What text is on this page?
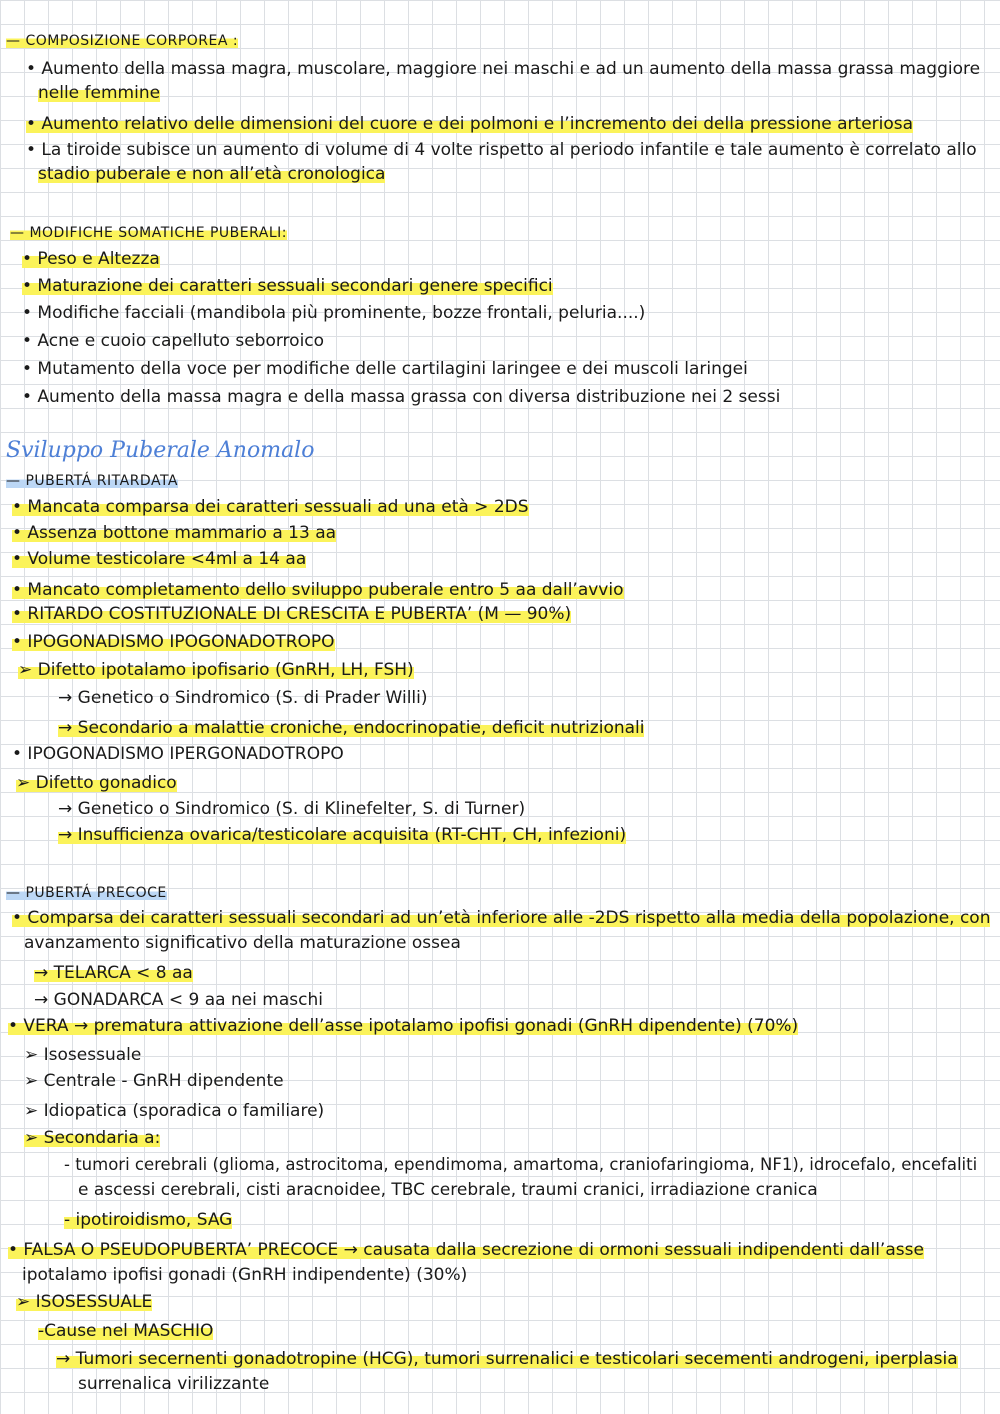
— COMPOSIZIONE CORPOREA :
• Aumento della massa magra, muscolare, maggiore nei maschi e ad un aumento della massa grassa maggiore
nelle femmine
• Aumento relativo delle dimensioni del cuore e dei polmoni e l’incremento dei della pressione arteriosa
• La tiroide subisce un aumento di volume di 4 volte rispetto al periodo infantile e tale aumento è correlato allo
stadio puberale e non all’età cronologica
— MODIFICHE SOMATICHE PUBERALI:
• Peso e Altezza
• Maturazione dei caratteri sessuali secondari genere specifici
• Modifiche facciali (mandibola più prominente, bozze frontali, peluria....)
• Acne e cuoio capelluto seborroico
• Mutamento della voce per modifiche delle cartilagini laringee e dei muscoli laringei
• Aumento della massa magra e della massa grassa con diversa distribuzione nei 2 sessi
Sviluppo Puberale Anomalo
— PUBERTÁ RITARDATA
• Mancata comparsa dei caratteri sessuali ad una età > 2DS
• Assenza bottone mammario a 13 aa
• Volume testicolare <4ml a 14 aa
• Mancato completamento dello sviluppo puberale entro 5 aa dall’avvio
• RITARDO COSTITUZIONALE DI CRESCITA E PUBERTA’ (M — 90%)
• IPOGONADISMO IPOGONADOTROPO
➢ Difetto ipotalamo ipofisario (GnRH, LH, FSH)
→ Genetico o Sindromico (S. di Prader Willi)
→ Secondario a malattie croniche, endocrinopatie, deficit nutrizionali
• IPOGONADISMO IPERGONADOTROPO
➢ Difetto gonadico
→ Genetico o Sindromico (S. di Klinefelter, S. di Turner)
→ Insufficienza ovarica/testicolare acquisita (RT-CHT, CH, infezioni)
— PUBERTÁ PRECOCE
• Comparsa dei caratteri sessuali secondari ad un’età inferiore alle -2DS rispetto alla media della popolazione, con
avanzamento significativo della maturazione ossea
→ TELARCA < 8 aa
→ GONADARCA < 9 aa nei maschi
• VERA → prematura attivazione dell’asse ipotalamo ipofisi gonadi (GnRH dipendente) (70%)
➢ Isosessuale
➢ Centrale - GnRH dipendente
➢ Idiopatica (sporadica o familiare)
➢ Secondaria a:
- tumori cerebrali (glioma, astrocitoma, ependimoma, amartoma, craniofaringioma, NF1), idrocefalo, encefaliti
e ascessi cerebrali, cisti aracnoidee, TBC cerebrale, traumi cranici, irradiazione cranica
- ipotiroidismo, SAG
• FALSA O PSEUDOPUBERTA’ PRECOCE → causata dalla secrezione di ormoni sessuali indipendenti dall’asse
ipotalamo ipofisi gonadi (GnRH indipendente) (30%)
➢ ISOSESSUALE
-Cause nel MASCHIO
→ Tumori secernenti gonadotropine (HCG), tumori surrenalici e testicolari secementi androgeni, iperplasia
surrenalica virilizzante
